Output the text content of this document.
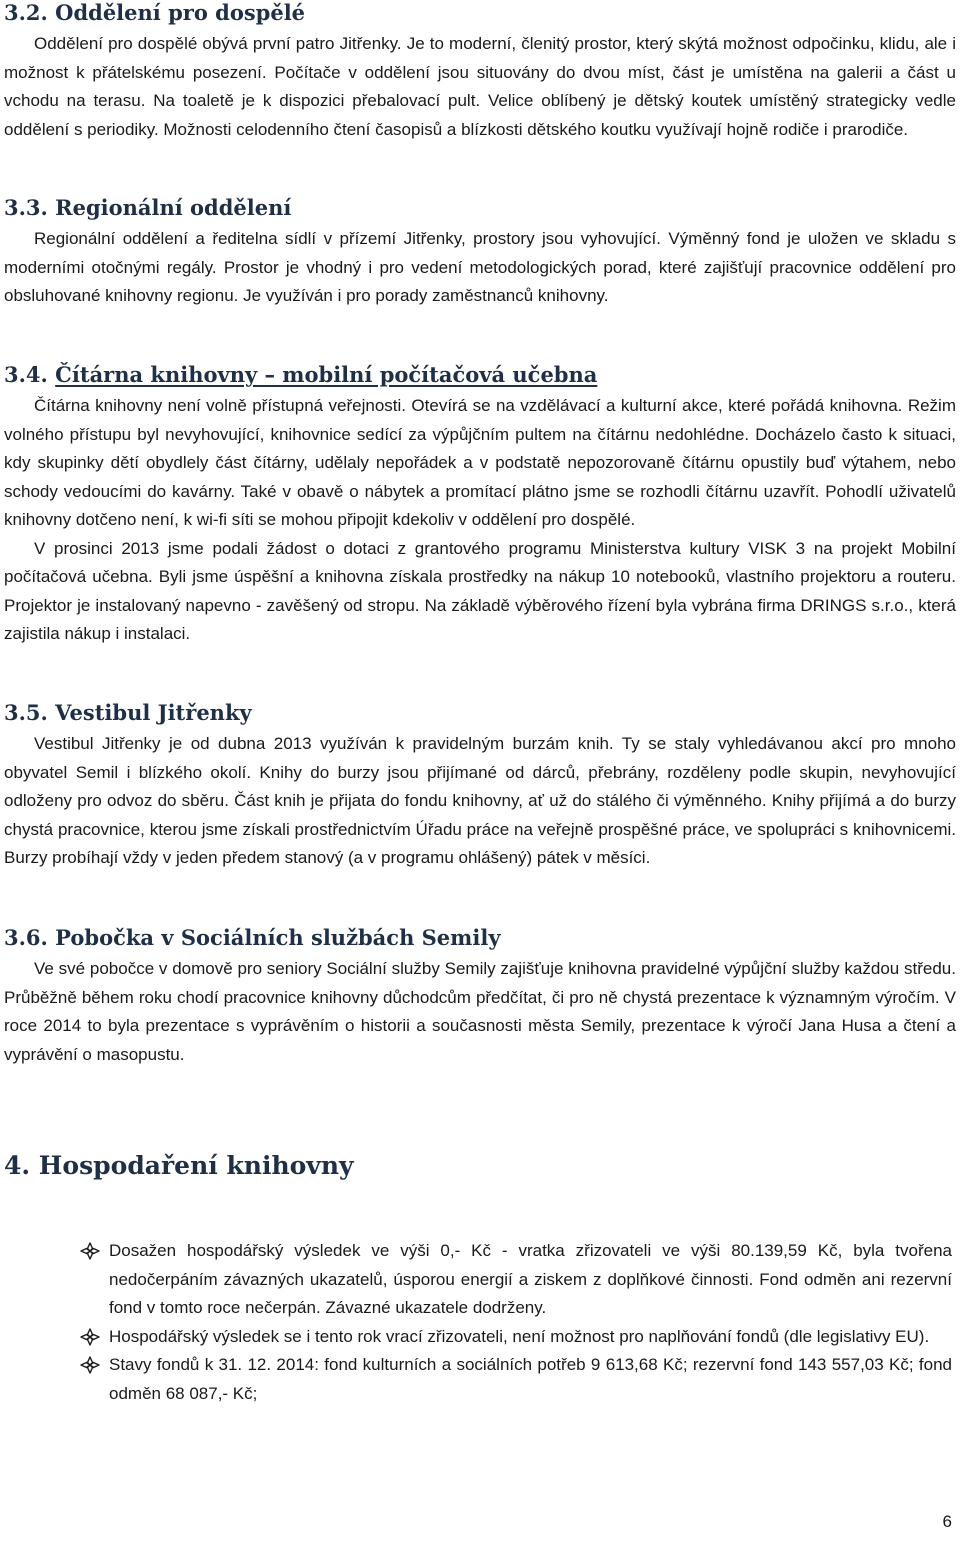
3.2. Oddělení pro dospělé

Oddělení pro dospělé obývá první patro Jitřenky. Je to moderní, členitý prostor, který skýtá možnost odpočinku, klidu, ale i možnost k přátelskému posezení. Počítače v oddělení jsou situovány do dvou míst, část je umístěna na galerii a část u vchodu na terasu. Na toaletě je k dispozici přebalovací pult. Velice oblíbený je dětský koutek umístěný strategicky vedle oddělení s periodiky. Možnosti celodenního čtení časopisů a blízkosti dětského koutku využívají hojně rodiče i prarodiče.

3.3. Regionální oddělení

Regionální oddělení a ředitelna sídlí v přízemí Jitřenky, prostory jsou vyhovující. Výměnný fond je uložen ve skladu s moderními otočnými regály. Prostor je vhodný i pro vedení metodologických porad, které zajišťují pracovnice oddělení pro obsluhované knihovny regionu. Je využíván i pro porady zaměstnanců knihovny.

3.4. Čítárna knihovny – mobilní počítačová učebna

Čítárna knihovny není volně přístupná veřejnosti. Otevírá se na vzdělávací a kulturní akce, které pořádá knihovna. Režim volného přístupu byl nevyhovující, knihovnice sedící za výpůjčním pultem na čítárnu nedohlédne. Docházelo často k situaci, kdy skupinky dětí obydlely část čítárny, udělaly nepořádek a v podstatě nepozorovaně čítárnu opustily buď výtahem, nebo schody vedoucími do kavárny. Také v obavě o nábytek a promítací plátno jsme se rozhodli čítárnu uzavřít. Pohodlí uživatelů knihovny dotčeno není, k wi-fi síti se mohou připojit kdekoliv v oddělení pro dospělé.

V prosinci 2013 jsme podali žádost o dotaci z grantového programu Ministerstva kultury VISK 3 na projekt Mobilní počítačová učebna. Byli jsme úspěšní a knihovna získala prostředky na nákup 10 notebooků, vlastního projektoru a routeru. Projektor je instalovaný napevno - zavěšený od stropu. Na základě výběrového řízení byla vybrána firma DRINGS s.r.o., která zajistila nákup i instalaci.

3.5. Vestibul Jitřenky

Vestibul Jitřenky je od dubna 2013 využíván k pravidelným burzám knih. Ty se staly vyhledávanou akcí pro mnoho obyvatel Semil i blízkého okolí. Knihy do burzy jsou přijímané od dárců, přebrány, rozděleny podle skupin, nevyhovující odloženy pro odvoz do sběru. Část knih je přijata do fondu knihovny, ať už do stálého či výměnného. Knihy přijímá a do burzy chystá pracovnice, kterou jsme získali prostřednictvím Úřadu práce na veřejně prospěšné práce, ve spolupráci s knihovnicemi. Burzy probíhají vždy v jeden předem stanový (a v programu ohlášený) pátek v měsíci.

3.6. Pobočka v Sociálních službách Semily

Ve své pobočce v domově pro seniory Sociální služby Semily zajišťuje knihovna pravidelné výpůjční služby každou středu. Průběžně během roku chodí pracovnice knihovny důchodcům předčítat, či pro ně chystá prezentace k významným výročím. V roce 2014 to byla prezentace s vyprávěním o historii a současnosti města Semily, prezentace k výročí Jana Husa a čtení a vyprávění o masopustu.

4. Hospodaření knihovny
Dosažen hospodářský výsledek ve výši 0,- Kč - vratka zřizovateli ve výši 80.139,59 Kč, byla tvořena nedočerpáním závazných ukazatelů, úsporou energií a ziskem z doplňkové činnosti. Fond odměn ani rezervní fond v tomto roce nečerpán. Závazné ukazatele dodrženy.
Hospodářský výsledek se i tento rok vrací zřizovateli, není možnost pro naplňování fondů (dle legislativy EU).
Stavy fondů k 31. 12. 2014: fond kulturních a sociálních potřeb 9 613,68 Kč; rezervní fond 143 557,03 Kč; fond odměn 68 087,- Kč;
6
